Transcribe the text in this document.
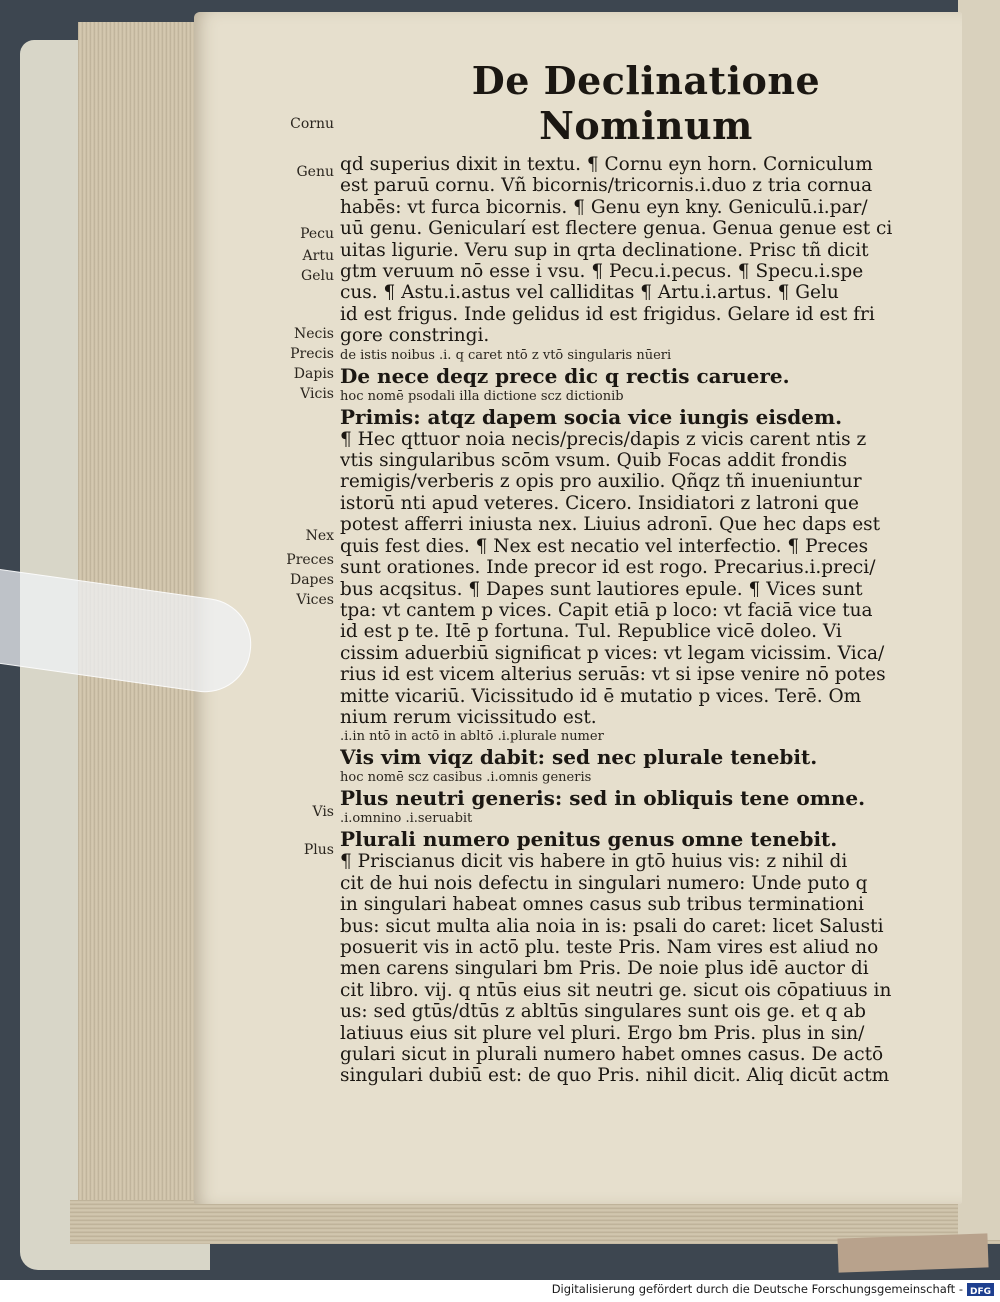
Cornu
Genu
Pecu
Artu
Gelu
Necis
Precis
Dapis
Vicis
Nex
Preces
Dapes
Vices
Vis
Plus
De Declinatione Nominum
qd superius dixit in textu. ¶ Cornu eyn horn. Corniculum
est paruū cornu. Vñ bicornis/tricornis.i.duo z tria cornua
habēs: vt furca bicornis. ¶ Genu eyn kny. Geniculū.i.par/
uū genu. Genicularí est flectere genua. Genua genue est ci
uitas ligurie. Veru sup in qrta declinatione. Prisc tñ dicit
gtm veruum nō esse i vsu. ¶ Pecu.i.pecus. ¶ Specu.i.spe
cus. ¶ Astu.i.astus vel calliditas ¶ Artu.i.artus. ¶ Gelu
id est frigus. Inde gelidus id est frigidus. Gelare id est fri
gore constringi.
de istis noibus .i. q caret ntō z vtō singularis nūeri
De nece deqz prece dic q rectis caruere.
hoc nomē psodali illa dictione scz dictionib
Primis: atqz dapem socia vice iungis eisdem.
¶ Hec qttuor noia necis/precis/dapis z vicis carent ntis z
vtis singularibus scōm vsum. Quib Focas addit frondis
remigis/verberis z opis pro auxilio. Qñqz tñ inueniuntur
istorū nti apud veteres. Cicero. Insidiatori z latroni que
potest afferri iniusta nex. Liuius adronī. Que hec daps est
quis fest dies. ¶ Nex est necatio vel interfectio. ¶ Preces
sunt orationes. Inde precor id est rogo. Precarius.i.preci/
bus acqsitus. ¶ Dapes sunt lautiores epule. ¶ Vices sunt
tpa: vt cantem p vices. Capit etiā p loco: vt faciā vice tua
id est p te. Itē p fortuna. Tul. Republice vicē doleo. Vi
cissim aduerbiū significat p vices: vt legam vicissim. Vica/
rius id est vicem alterius seruās: vt si ipse venire nō potes
mitte vicariū. Vicissitudo id ē mutatio p vices. Terē. Om
nium rerum vicissitudo est.
.i.in ntō in actō in abltō .i.plurale numer
Vis vim viqz dabit: sed nec plurale tenebit.
hoc nomē scz casibus .i.omnis generis
Plus neutri generis: sed in obliquis tene omne.
.i.omnino .i.seruabit
Plurali numero penitus genus omne tenebit.
¶ Priscianus dicit vis habere in gtō huius vis: z nihil di
cit de hui nois defectu in singulari numero: Unde puto q
in singulari habeat omnes casus sub tribus terminationi
bus: sicut multa alia noia in is: psali do caret: licet Salusti
posuerit vis in actō plu. teste Pris. Nam vires est aliud no
men carens singulari bm Pris. De noie plus idē auctor di
cit libro. vij. q ntūs eius sit neutri ge. sicut ois cōpatiuus in
us: sed gtūs/dtūs z abltūs singulares sunt ois ge. et q ab
latiuus eius sit plure vel pluri. Ergo bm Pris. plus in sin/
gulari sicut in plurali numero habet omnes casus. De actō
singulari dubiū est: de quo Pris. nihil dicit. Aliq dicūt actm
Digitalisierung gefördert durch die Deutsche Forschungsgemeinschaft - DFG
